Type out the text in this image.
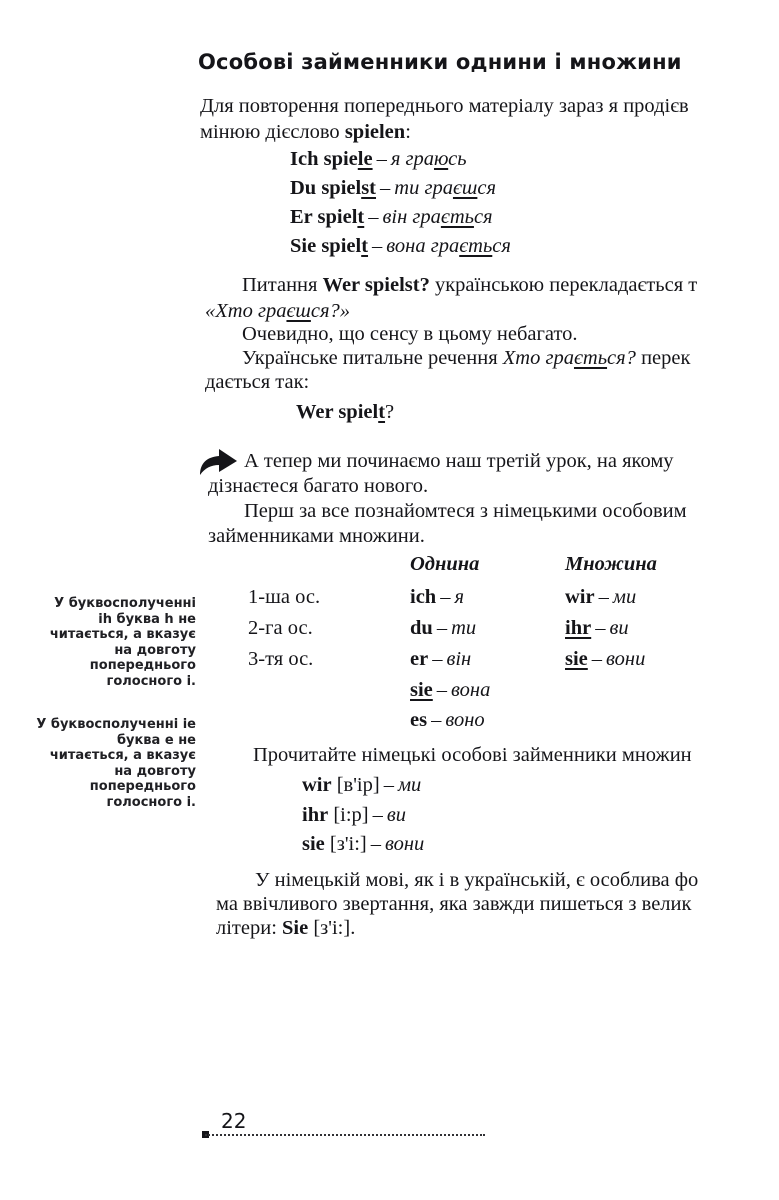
Особові займенники однини і множини
Для повторення попереднього матеріалу зараз я продієв
мінюю дієслово spielen:
Ich spiele – я граюсь
Du spielst – ти граєшся
Er spielt – він грається
Sie spielt – вона грається
Питання Wer spielst? українською перекладається т
«Хто граєшся?»
Очевидно, що сенсу в цьому небагато.
Українське питальне речення Хто грається? перек
дається так:
Wer spielt?
А тепер ми починаємо наш третій урок, на якому
дізнаєтеся багато нового.
Перш за все познайомтеся з німецькими особовим
займенниками множини.
Однина	Множина
1-ша ос.	ich – я	wir – ми
2-га ос.	du – ти	ihr – ви
3-тя ос.	er – він	sie – вони
sie – вона
es – воно
У буквосполученні ih буква h не читається, а вказує на довготу попереднього голосного i.
У буквосполученні ie буква e не читається, а вказує на довготу попереднього голосного i.
Прочитайте німецькі особові займенники множин
wir [в'iр] – ми
ihr [i:р] – ви
sie [з'i:] – вони
У німецькій мові, як і в українській, є особлива фо
ма ввічливого звертання, яка завжди пишеться з велик
літери: Sie [з'i:].
22
